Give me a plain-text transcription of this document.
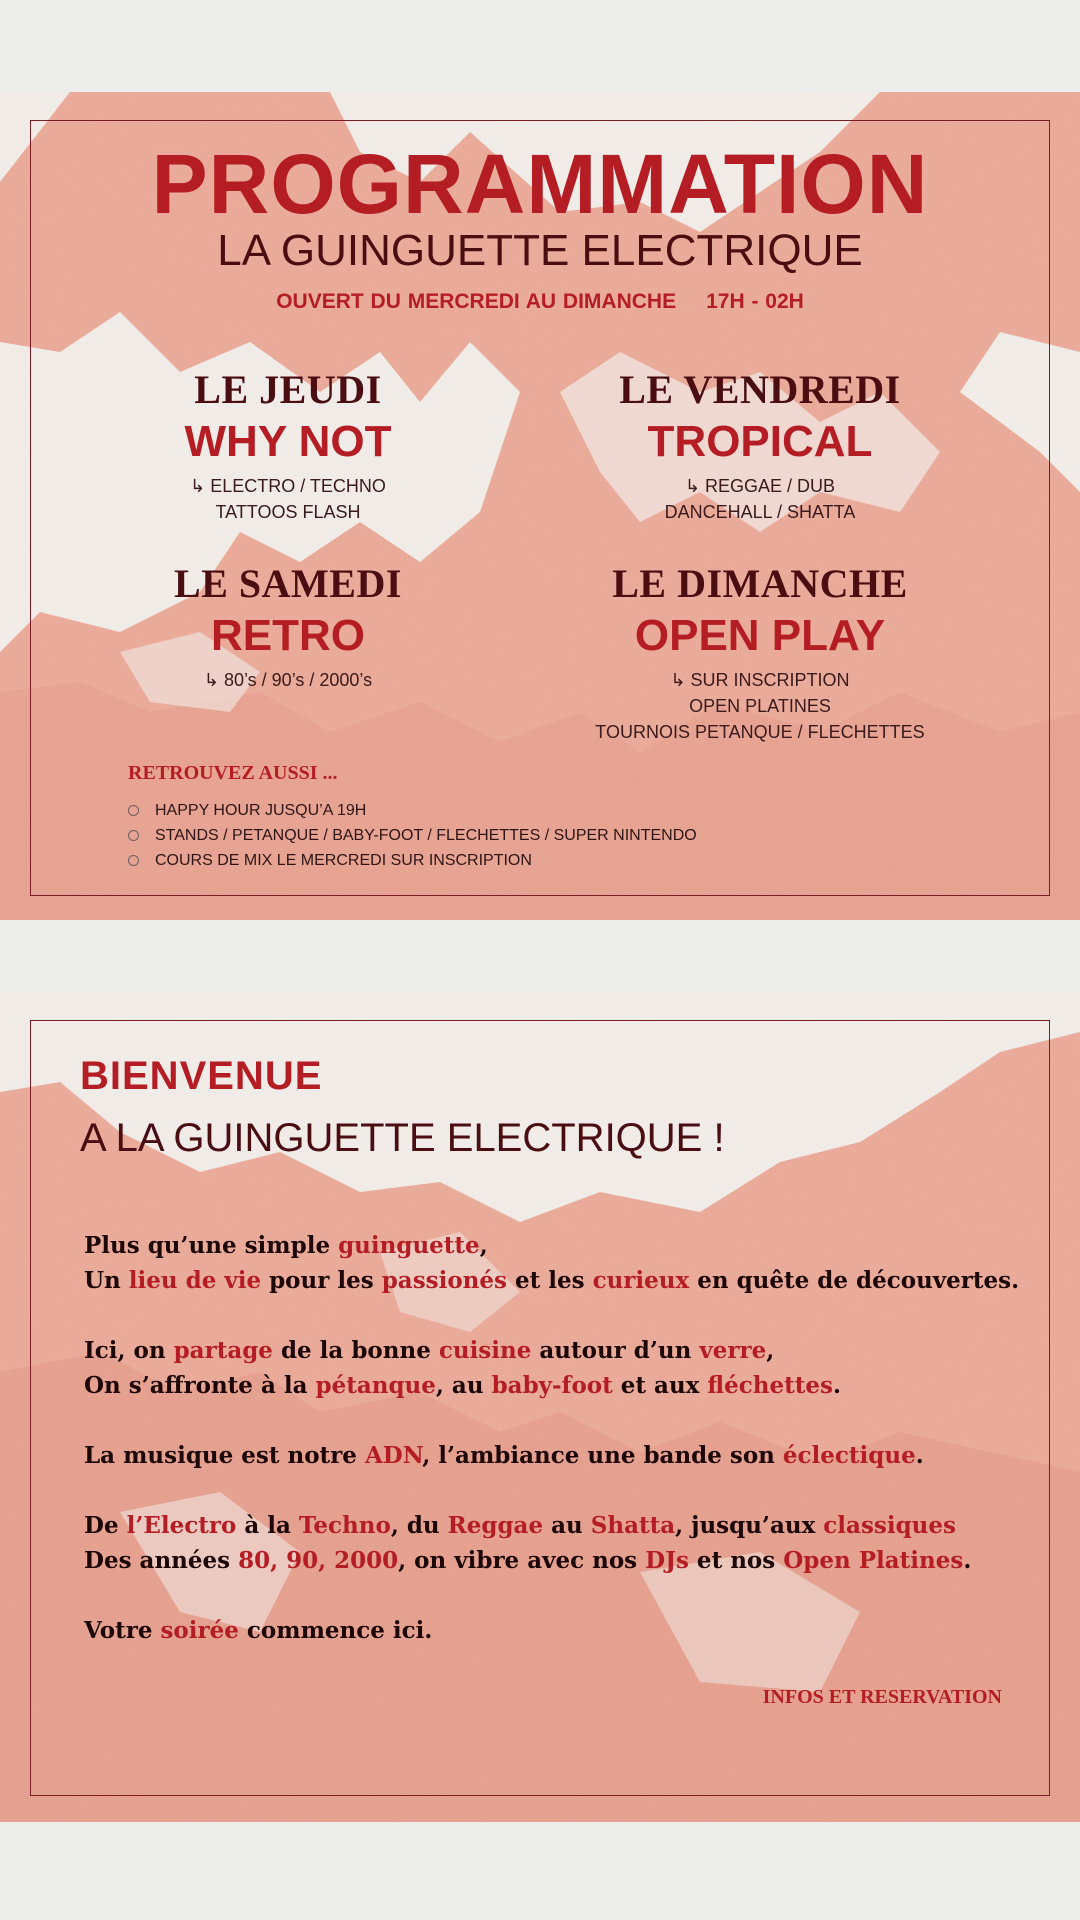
PROGRAMMATION
LA GUINGUETTE ELECTRIQUE
OUVERT DU MERCREDI AU DIMANCHE 17H - 02H
LE JEUDI
WHY NOT
↳ ELECTRO / TECHNO
TATTOOS FLASH
LE VENDREDI
TROPICAL
↳ REGGAE / DUB
DANCEHALL / SHATTA
LE SAMEDI
RETRO
↳ 80’s / 90’s / 2000’s
LE DIMANCHE
OPEN PLAY
↳ SUR INSCRIPTION
OPEN PLATINES
TOURNOIS PETANQUE / FLECHETTES
RETROUVEZ AUSSI ...
HAPPY HOUR JUSQU’A 19H
STANDS / PETANQUE / BABY-FOOT / FLECHETTES / SUPER NINTENDO
COURS DE MIX LE MERCREDI SUR INSCRIPTION
BIENVENUE
A LA GUINGUETTE ELECTRIQUE !

Plus qu’une simple guinguette,
Un lieu de vie pour les passionés et les curieux en quête de découvertes.

Ici, on partage de la bonne cuisine autour d’un verre,
On s’affronte à la pétanque, au baby-foot et aux fléchettes.

La musique est notre ADN, l’ambiance une bande son éclectique.

De l’Electro à la Techno, du Reggae au Shatta, jusqu’aux classiques
Des années 80, 90, 2000, on vibre avec nos DJs et nos Open Platines.

Votre soirée commence ici.

INFOS ET RESERVATION
